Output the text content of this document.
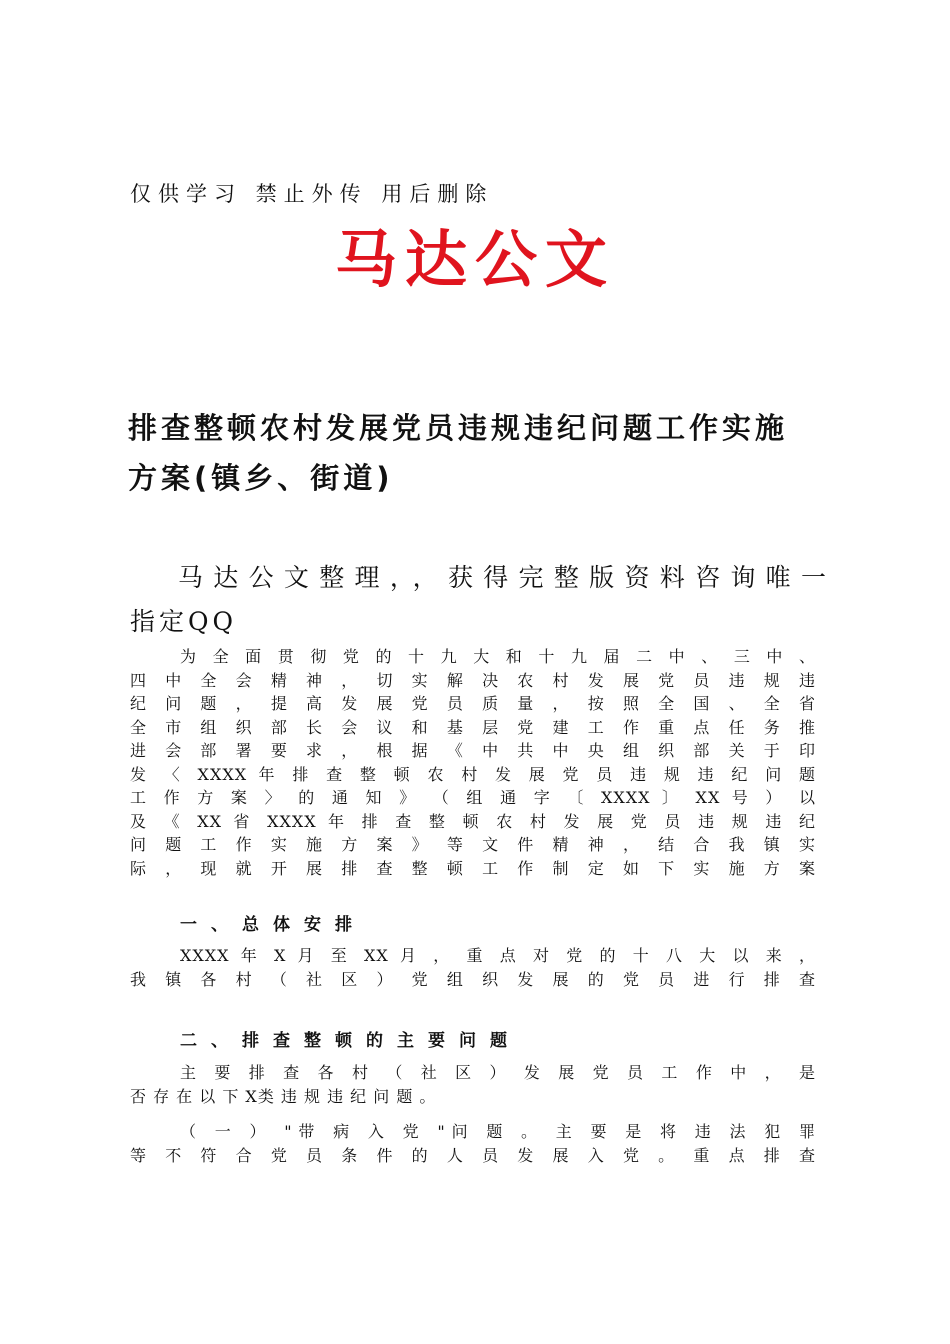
仅供学习 禁止外传 用后删除
马达公文
排查整顿农村发展党员违规违纪问题工作实施
方案(镇乡、街道)
马达公文整理，，获得完整版资料咨询唯一
指定QQ
为 全 面 贯 彻 党 的 十 九 大 和 十 九 届 二 中 、 三 中 、
四 中 全 会 精 神 ， 切 实 解 决 农 村 发 展 党 员 违 规 违
纪 问 题 ， 提 高 发 展 党 员 质 量 ， 按 照 全 国 、 全 省
全 市 组 织 部 长 会 议 和 基 层 党 建 工 作 重 点 任 务 推
进 会 部 署 要 求 ， 根 据 《 中 共 中 央 组 织 部 关 于 印
发 〈 XXXX 年 排 查 整 顿 农 村 发 展 党 员 违 规 违 纪 问 题
工 作 方 案 〉 的 通 知 》 （ 组 通 字 〔 XXXX 〕 XX 号 ） 以
及 《 XX 省 XXXX 年 排 查 整 顿 农 村 发 展 党 员 违 规 违 纪
问 题 工 作 实 施 方 案 》 等 文 件 精 神 ， 结 合 我 镇 实
际 ， 现 就 开 展 排 查 整 顿 工 作 制 定 如 下 实 施 方 案
一、总体安排
XXXX 年 X 月 至 XX 月 ， 重 点 对 党 的 十 八 大 以 来 ，
我 镇 各 村 （ 社 区 ） 党 组 织 发 展 的 党 员 进 行 排 查
二、排查整顿的主要问题
主 要 排 查 各 村 （ 社 区 ） 发 展 党 员 工 作 中 ， 是
否 存 在 以 下 X类 违 规 违 纪 问 题 。
（ 一 ） "带 病 入 党 "问 题 。 主 要 是 将 违 法 犯 罪
等 不 符 合 党 员 条 件 的 人 员 发 展 入 党 。 重 点 排 查
